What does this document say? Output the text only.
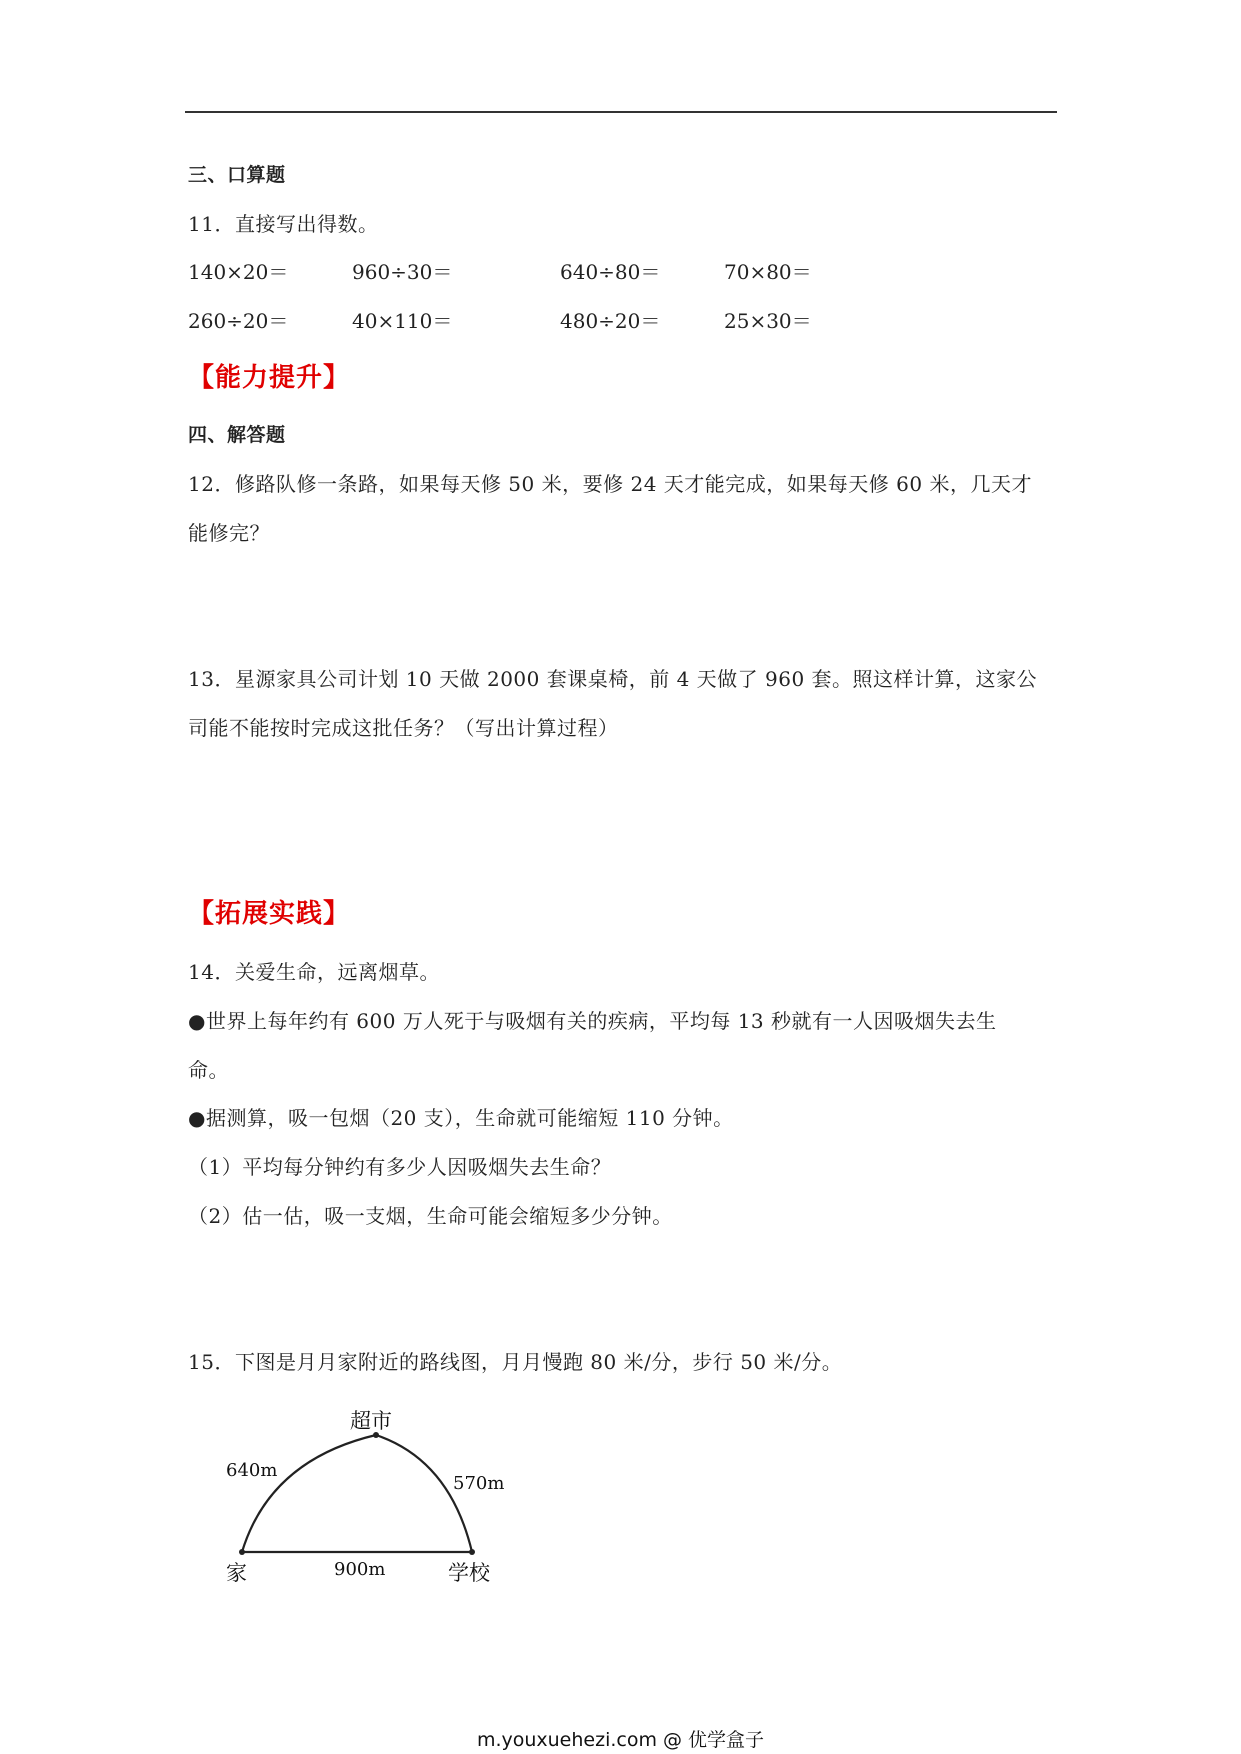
三、口算题
11．直接写出得数。
140×20＝	960÷30＝	640÷80＝	70×80＝
260÷20＝	40×110＝	480÷20＝	25×30＝
【能力提升】
四、解答题
12．修路队修一条路，如果每天修 50 米，要修 24 天才能完成，如果每天修 60 米，几天才
能修完？
13．星源家具公司计划 10 天做 2000 套课桌椅，前 4 天做了 960 套。照这样计算，这家公
司能不能按时完成这批任务？（写出计算过程）
【拓展实践】
14．关爱生命，远离烟草。
●世界上每年约有 600 万人死于与吸烟有关的疾病，平均每 13 秒就有一人因吸烟失去生
命。
●据测算，吸一包烟（20 支），生命就可能缩短 110 分钟。
（1）平均每分钟约有多少人因吸烟失去生命？
（2）估一估，吸一支烟，生命可能会缩短多少分钟。
15．下图是月月家附近的路线图，月月慢跑 80 米/分，步行 50 米/分。
超市
家	学校
640m
570m
900m
m.youxuehezi.com @ 优学盒子
